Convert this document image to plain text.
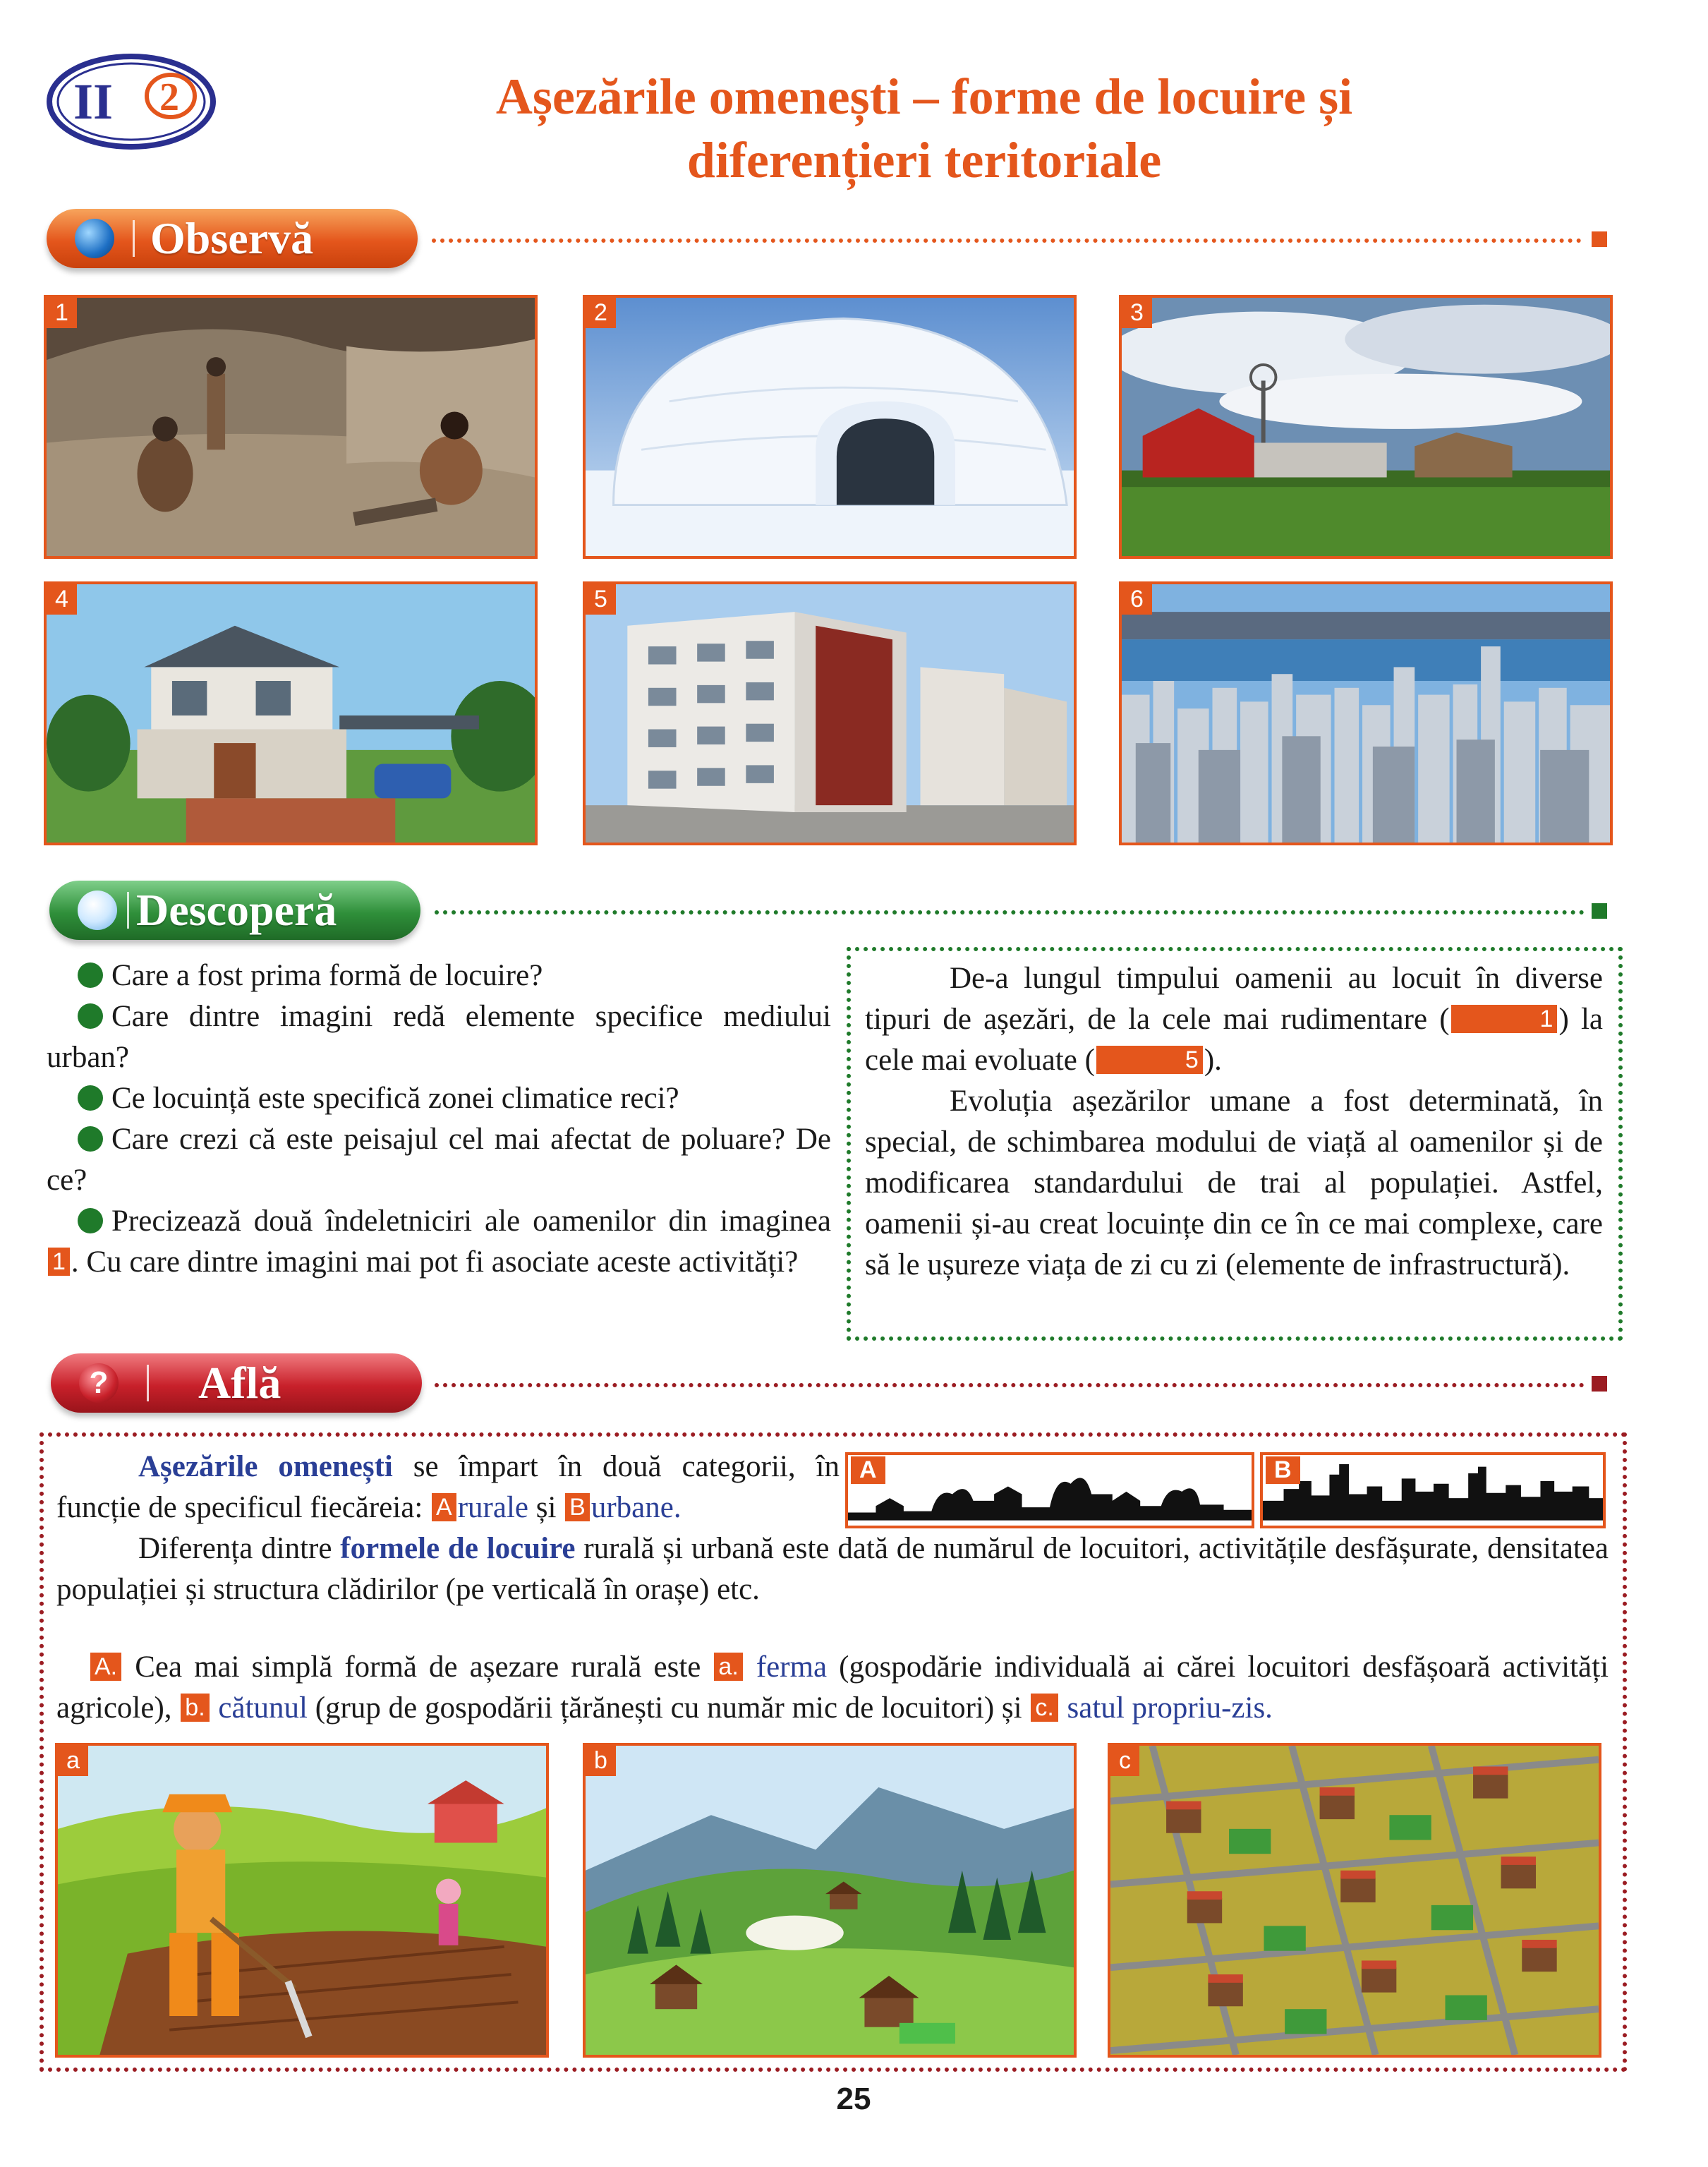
II 2	Așezările omenești – forme de locuire și
diferențieri teritoriale
Observă
1	2	3
4	5	6
Descoperă
Care a fost prima formă de locuire?
Care dintre imagini redă elemente specifice mediului urban?
Ce locuință este specifică zonei climatice reci?
Care crezi că este peisajul cel mai afectat de poluare? De ce?
Precizează două îndeletniciri ale oamenilor din imaginea 1 . Cu care dintre imagini mai pot fi asociate aceste activități?
De-a lungul timpului oamenii au locuit în diverse tipuri de așezări, de la cele mai rudimentare (	1 ) la cele mai evoluate (	5 ).
Evoluția așezărilor umane a fost determinată, în special, de schimbarea modului de viață al oamenilor și de modificarea standardului de trai al populației. Astfel, oamenii și-au creat locuințe din ce în ce mai complexe, care să le ușureze viața de zi cu zi (elemente de infrastructură).
? Află
Așezările omenești se împart în două categorii, în funcție de specificul fiecăreia: A rurale și B urbane.
A	B
Diferența dintre formele de locuire rurală și urbană este dată de numărul de locuitori, activitățile desfășurate, densitatea populației și structura clădirilor (pe verticală în orașe) etc.
A. Cea mai simplă formă de așezare rurală este a. ferma (gospodărie individuală ai cărei locuitori desfășoară activități agricole), b. cătunul (grup de gospodării țărănești cu număr mic de locuitori) și c. satul propriu-zis.
a	b	c
25
